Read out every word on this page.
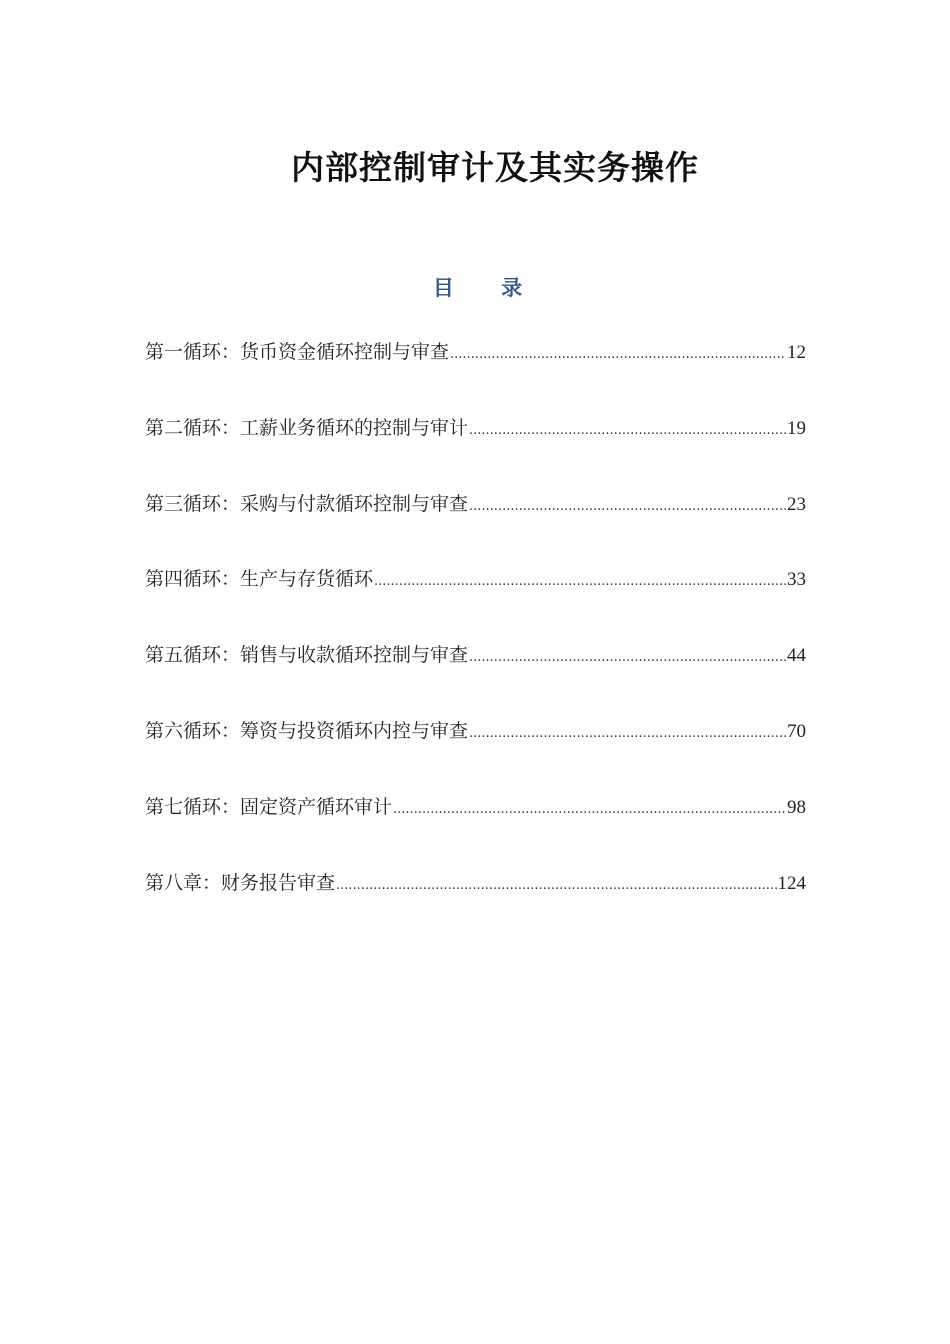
内部控制审计及其实务操作
目 录
第一循环：货币资金循环控制与审查 .....	12
第二循环：工薪业务循环的控制与审计 .....	19
第三循环：采购与付款循环控制与审查 .....	23
第四循环：生产与存货循环 .....	33
第五循环：销售与收款循环控制与审查 .....	44
第六循环：筹资与投资循环内控与审查 .....	70
第七循环：固定资产循环审计 .....	98
第八章：财务报告审查 .....	124
